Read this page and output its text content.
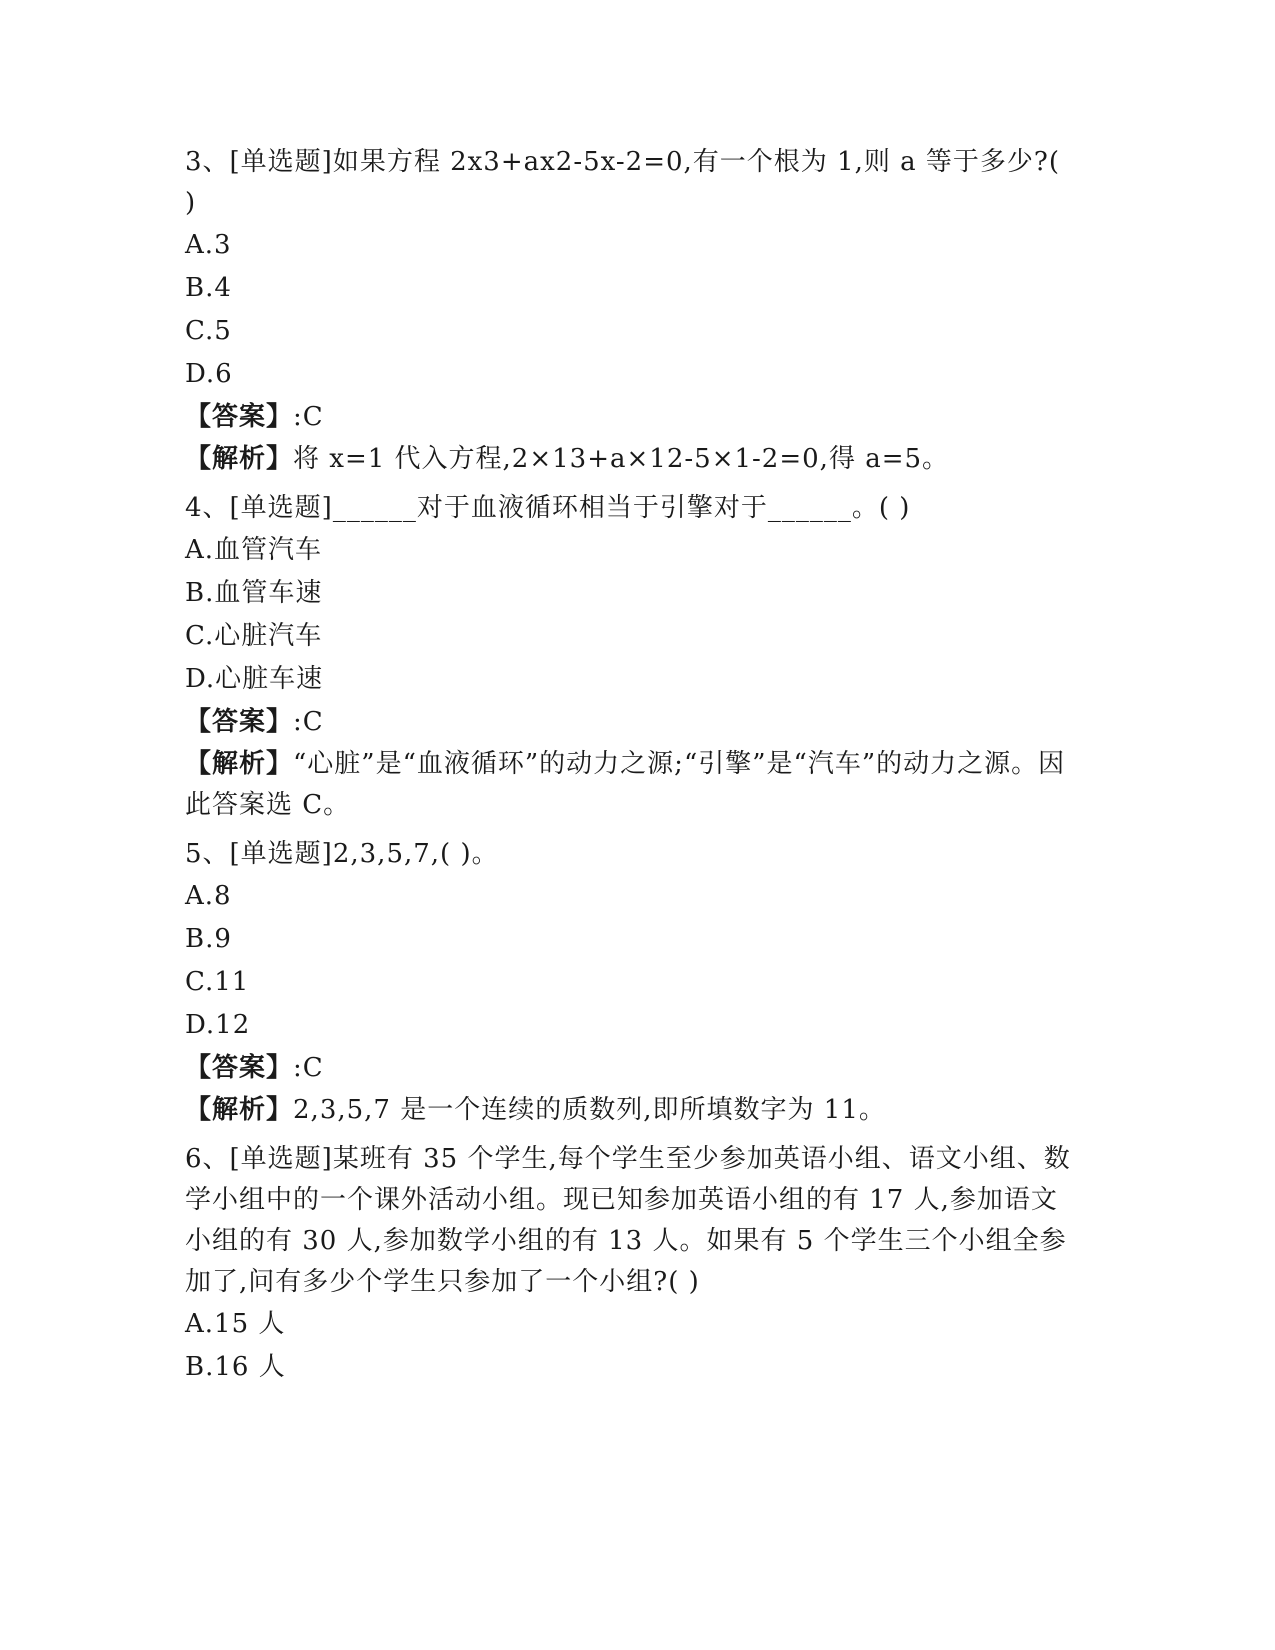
3、[单选题]如果方程 2x3+ax2-5x-2=0,有一个根为 1,则 a 等于多少?( )

A.3

B.4

C.5

D.6

【答案】:C

【解析】将 x=1 代入方程,2×13+a×12-5×1-2=0,得 a=5。

4、[单选题]______对于血液循环相当于引擎对于______。( )

A.血管汽车

B.血管车速

C.心脏汽车

D.心脏车速

【答案】:C

【解析】“心脏”是“血液循环”的动力之源;“引擎”是“汽车”的动力之源。因此答案选 C。

5、[单选题]2,3,5,7,( )。

A.8

B.9

C.11

D.12

【答案】:C

【解析】2,3,5,7 是一个连续的质数列,即所填数字为 11。

6、[单选题]某班有 35 个学生,每个学生至少参加英语小组、语文小组、数学小组中的一个课外活动小组。现已知参加英语小组的有 17 人,参加语文小组的有 30 人,参加数学小组的有 13 人。如果有 5 个学生三个小组全参加了,问有多少个学生只参加了一个小组?( )

A.15 人

B.16 人
